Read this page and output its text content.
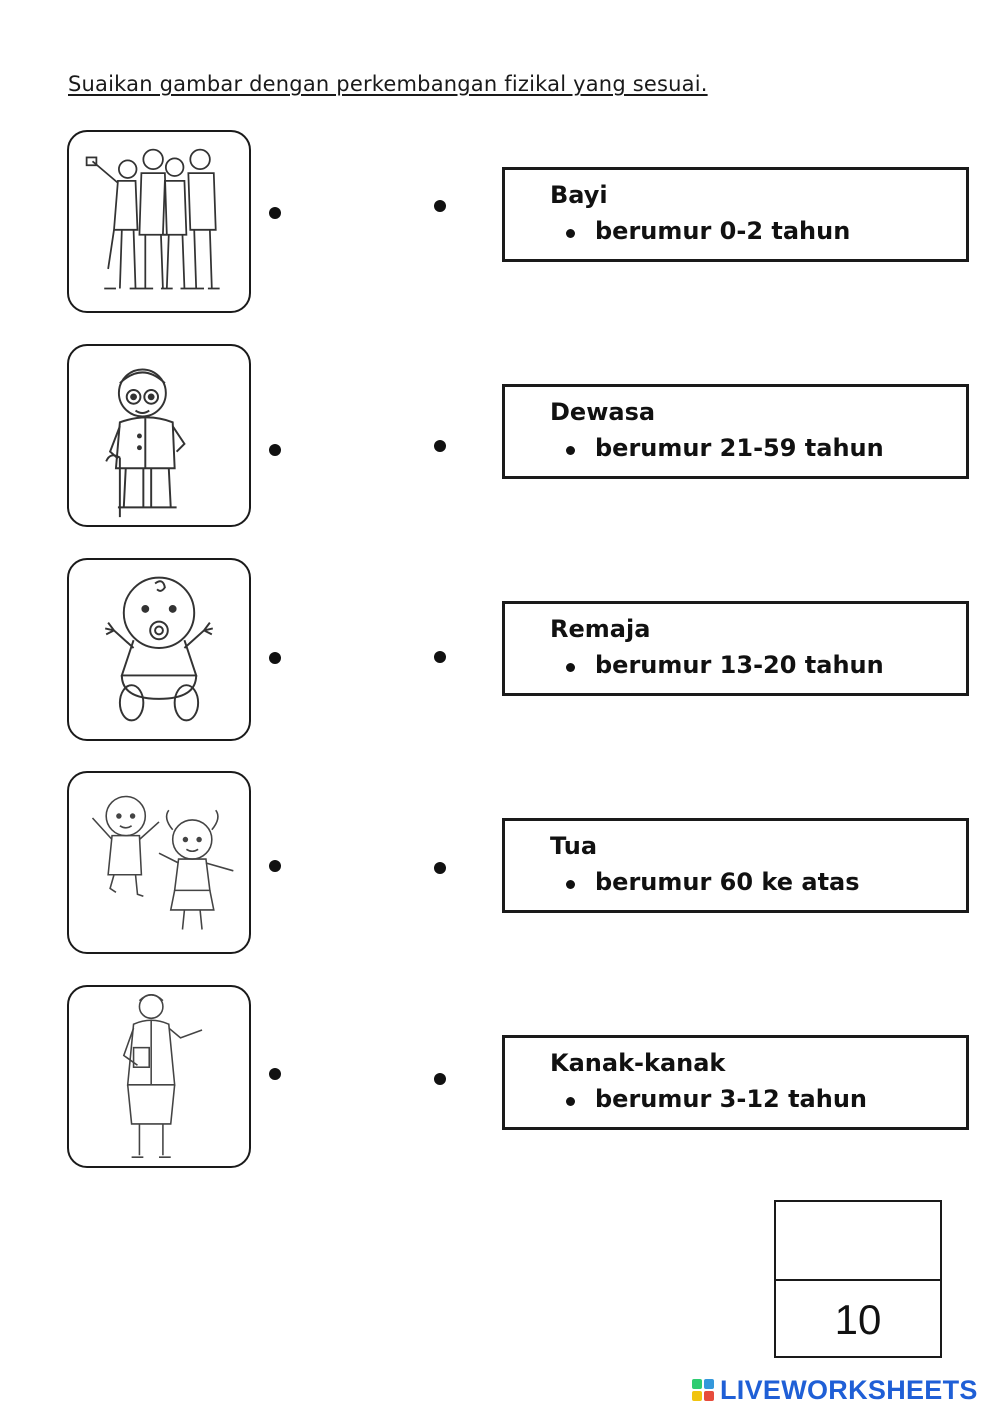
Suaikan gambar dengan perkembangan fizikal yang sesuai.
Bayi
berumur 0-2 tahun
Dewasa
berumur 21-59 tahun
Remaja
berumur 13-20 tahun
Tua
berumur 60 ke atas
Kanak-kanak
berumur 3-12 tahun
10
LIVEWORKSHEETS
